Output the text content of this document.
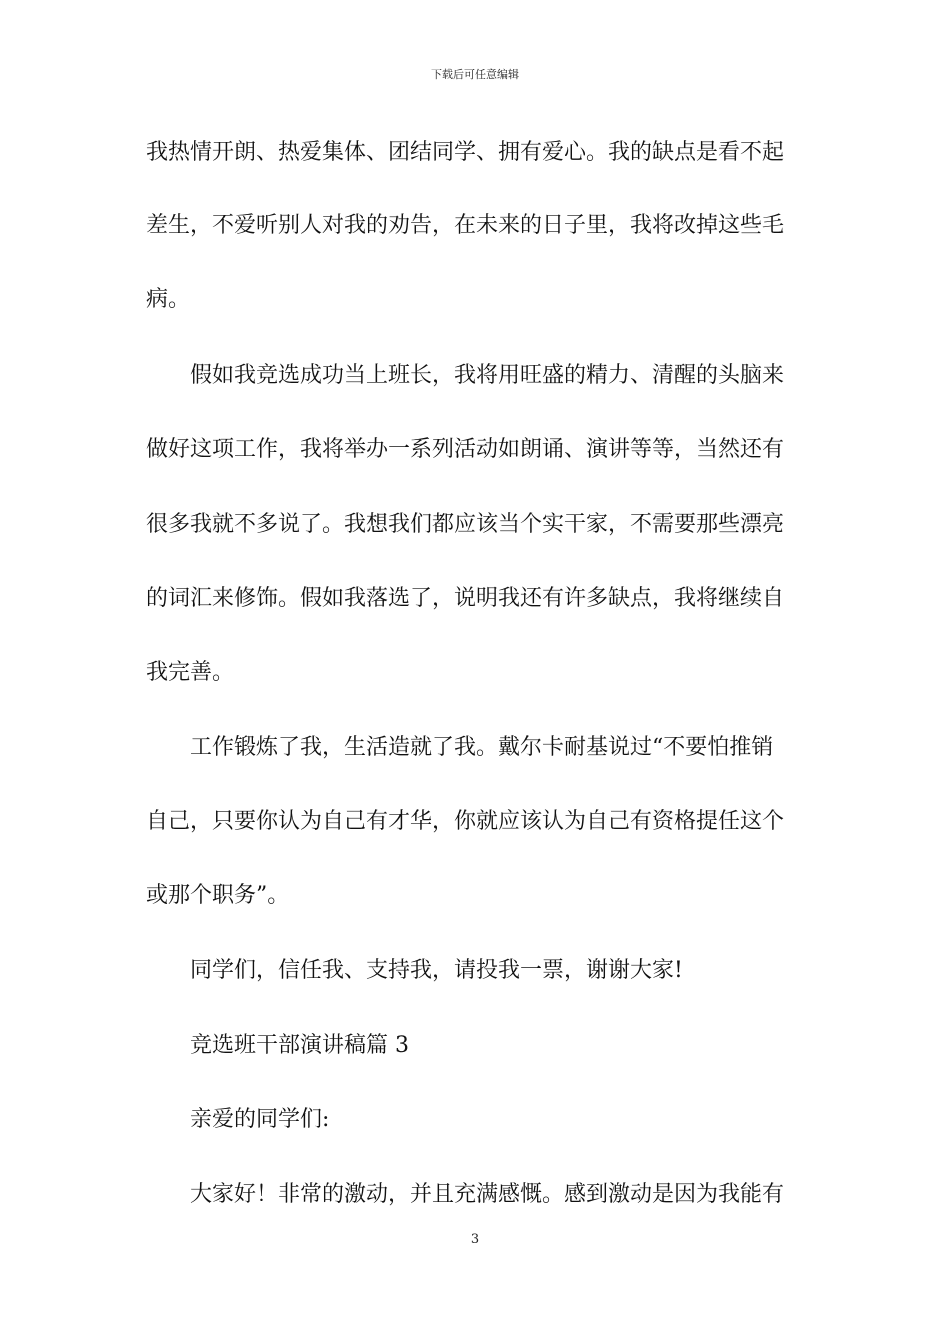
下载后可任意编辑
我热情开朗、热爱集体、团结同学、拥有爱心。我的缺点是看不起
差生，不爱听别人对我的劝告，在未来的日子里，我将改掉这些毛
病。
假如我竞选成功当上班长，我将用旺盛的精力、清醒的头脑来
做好这项工作，我将举办一系列活动如朗诵、演讲等等，当然还有
很多我就不多说了。我想我们都应该当个实干家，不需要那些漂亮
的词汇来修饰。假如我落选了，说明我还有许多缺点，我将继续自
我完善。
工作锻炼了我，生活造就了我。戴尔卡耐基说过“不要怕推销
自己，只要你认为自己有才华，你就应该认为自己有资格提任这个
或那个职务”。
同学们，信任我、支持我，请投我一票，谢谢大家!
竞选班干部演讲稿篇 3
亲爱的同学们:
大家好！非常的激动，并且充满感慨。感到激动是因为我能有
3
